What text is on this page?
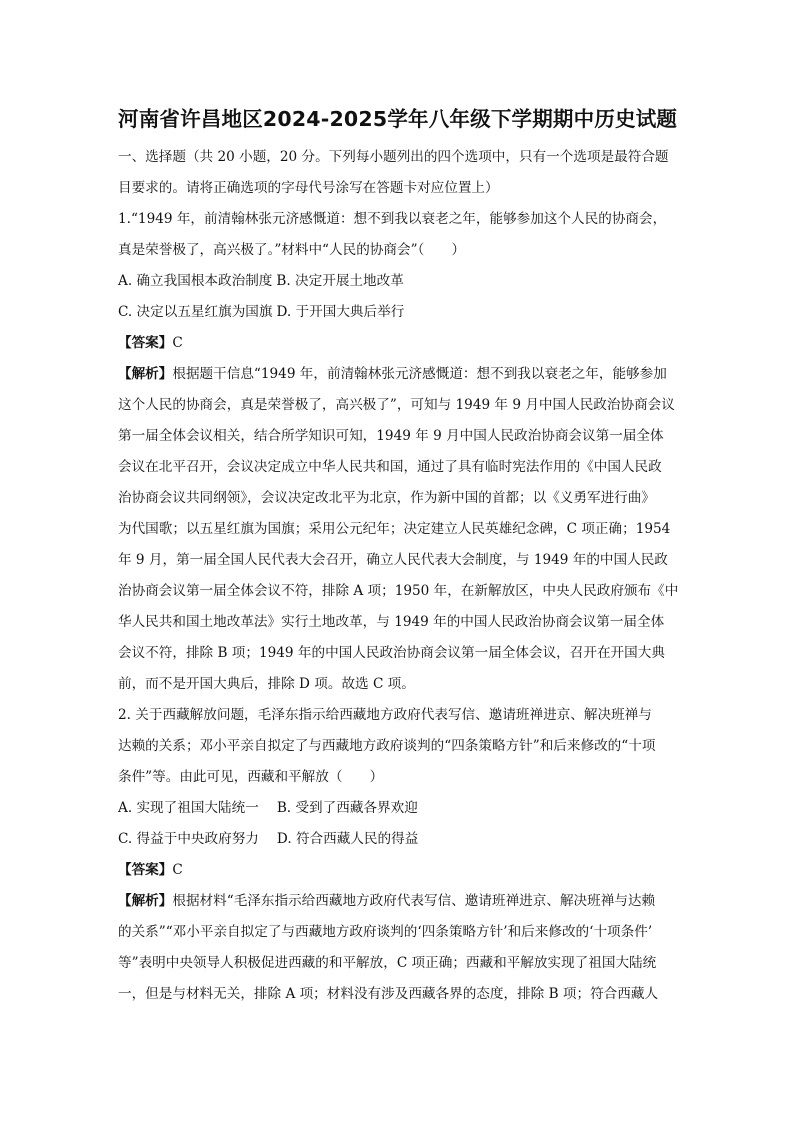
河南省许昌地区2024-2025学年八年级下学期期中历史试题

一、选择题（共 20 小题，20 分。下列每小题列出的四个选项中，只有一个选项是最符合题

目要求的。请将正确选项的字母代号涂写在答题卡对应位置上）

1.“1949 年，前清翰林张元济感慨道：想不到我以衰老之年，能够参加这个人民的协商会，

真是荣誉极了，高兴极了。”材料中“人民的协商会”（　　）

A. 确立我国根本政治制度 B. 决定开展土地改革

C. 决定以五星红旗为国旗 D. 于开国大典后举行

【答案】C

【解析】根据题干信息“1949 年，前清翰林张元济感慨道：想不到我以衰老之年，能够参加

这个人民的协商会，真是荣誉极了，高兴极了”，可知与 1949 年 9 月中国人民政治协商会议

第一届全体会议相关，结合所学知识可知，1949 年 9 月中国人民政治协商会议第一届全体

会议在北平召开，会议决定成立中华人民共和国，通过了具有临时宪法作用的《中国人民政

治协商会议共同纲领》，会议决定改北平为北京，作为新中国的首都；以《义勇军进行曲》

为代国歌；以五星红旗为国旗；采用公元纪年；决定建立人民英雄纪念碑，C 项正确；1954

年 9 月，第一届全国人民代表大会召开，确立人民代表大会制度，与 1949 年的中国人民政

治协商会议第一届全体会议不符，排除 A 项；1950 年，在新解放区，中央人民政府颁布《中

华人民共和国土地改革法》实行土地改革，与 1949 年的中国人民政治协商会议第一届全体

会议不符，排除 B 项；1949 年的中国人民政治协商会议第一届全体会议，召开在开国大典

前，而不是开国大典后，排除 D 项。故选 C 项。

2. 关于西藏解放问题，毛泽东指示给西藏地方政府代表写信、邀请班禅进京、解决班禅与

达赖的关系；邓小平亲自拟定了与西藏地方政府谈判的“四条策略方针”和后来修改的“十项

条件”等。由此可见，西藏和平解放（　　）

A. 实现了祖国大陆统一 B. 受到了西藏各界欢迎

C. 得益于中央政府努力 D. 符合西藏人民的得益

【答案】C

【解析】根据材料“毛泽东指示给西藏地方政府代表写信、邀请班禅进京、解决班禅与达赖

的关系”“邓小平亲自拟定了与西藏地方政府谈判的‘四条策略方针’和后来修改的‘十项条件’

等”表明中央领导人积极促进西藏的和平解放，C 项正确；西藏和平解放实现了祖国大陆统

一，但是与材料无关，排除 A 项；材料没有涉及西藏各界的态度，排除 B 项；符合西藏人
